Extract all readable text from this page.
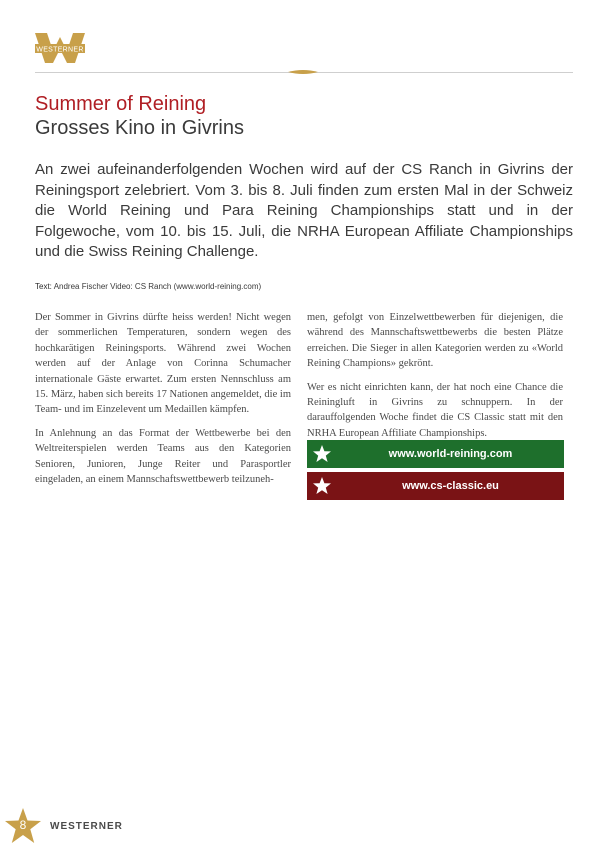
WESTERNER
Summer of Reining
Grosses Kino in Givrins

An zwei aufeinanderfolgenden Wochen wird auf der CS Ranch in Givrins der Reiningsport zelebriert. Vom 3. bis 8. Juli finden zum ersten Mal in der Schweiz die World Reining und Para Reining Championships statt und in der Folgewoche, vom 10. bis 15. Juli, die NRHA European Affiliate Championships und die Swiss Reining Challenge.

Text: Andrea Fischer Video: CS Ranch (www.world-reining.com)

Der Sommer in Givrins dürfte heiss werden! Nicht wegen der sommerlichen Temperaturen, sondern wegen des hochkarätigen Reiningsports. Während zwei Wochen werden auf der Anlage von Corinna Schumacher internationale Gäste erwartet. Zum ersten Nennschluss am 15. März, haben sich bereits 17 Nationen angemeldet, die im Team- und im Einzelevent um Medaillen kämpfen.

In Anlehnung an das Format der Wettbewerbe bei den Weltreiterspielen werden Teams aus den Kategorien Senioren, Junioren, Junge Reiter und Parasportler eingeladen, an einem Mannschaftswettbewerb teilzuneh-

men, gefolgt von Einzelwettbewerben für diejenigen, die während des Mannschaftswettbewerbs die besten Plätze erreichen. Die Sieger in allen Kategorien werden zu «World Reining Champions» gekrönt.

Wer es nicht einrichten kann, der hat noch eine Chance die Reiningluft in Givrins zu schnuppern. In der darauffolgenden Woche findet die CS Classic statt mit den NRHA European Affiliate Championships.

www.world-reining.com
www.cs-classic.eu
8	WESTERNER
